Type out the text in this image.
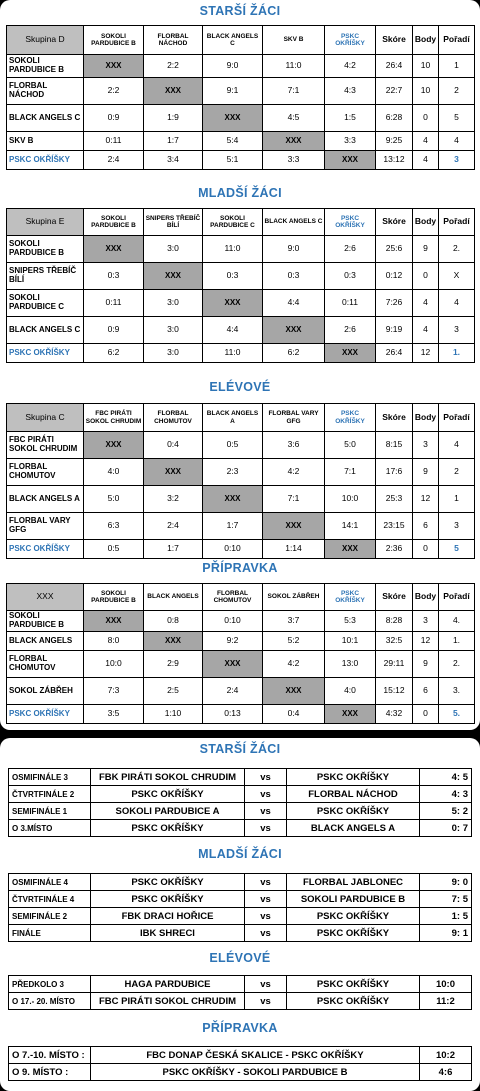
STARŠÍ ŽÁCI
Skupina D	SOKOLI PARDUBICE B	FLORBAL NÁCHOD	BLACK ANGELS C	SKV B	PSKC OKŘÍŠKY	Skóre	Body	Pořadí
SOKOLI PARDUBICE B	XXX	2:2	9:0	11:0	4:2	26:4	10	1
FLORBAL NÁCHOD	2:2	XXX	9:1	7:1	4:3	22:7	10	2
BLACK ANGELS C	0:9	1:9	XXX	4:5	1:5	6:28	0	5
SKV B	0:11	1:7	5:4	XXX	3:3	9:25	4	4
PSKC OKŘÍŠKY	2:4	3:4	5:1	3:3	XXX	13:12	4	3
MLADŠÍ ŽÁCI
Skupina E	SOKOLI PARDUBICE B	SNIPERS TŘEBÍČ BÍLÍ	SOKOLI PARDUBICE C	BLACK ANGELS C	PSKC OKŘÍŠKY	Skóre	Body	Pořadí
SOKOLI PARDUBICE B	XXX	3:0	11:0	9:0	2:6	25:6	9	2.
SNIPERS TŘEBÍČ BÍLÍ	0:3	XXX	0:3	0:3	0:3	0:12	0	X
SOKOLI PARDUBICE C	0:11	3:0	XXX	4:4	0:11	7:26	4	4
BLACK ANGELS C	0:9	3:0	4:4	XXX	2:6	9:19	4	3
PSKC OKŘÍŠKY	6:2	3:0	11:0	6:2	XXX	26:4	12	1.
ELÉVOVÉ
Skupina C	FBC PIRÁTI SOKOL CHRUDIM	FLORBAL CHOMUTOV	BLACK ANGELS A	FLORBAL VARY GFG	PSKC OKŘÍŠKY	Skóre	Body	Pořadí
FBC PIRÁTI SOKOL CHRUDIM	XXX	0:4	0:5	3:6	5:0	8:15	3	4
FLORBAL CHOMUTOV	4:0	XXX	2:3	4:2	7:1	17:6	9	2
BLACK ANGELS A	5:0	3:2	XXX	7:1	10:0	25:3	12	1
FLORBAL VARY GFG	6:3	2:4	1:7	XXX	14:1	23:15	6	3
PSKC OKŘÍŠKY	0:5	1:7	0:10	1:14	XXX	2:36	0	5
PŘÍPRAVKA
XXX	SOKOLI PARDUBICE B	BLACK ANGELS	FLORBAL CHOMUTOV	SOKOL ZÁBŘEH	PSKC OKŘÍŠKY	Skóre	Body	Pořadí
SOKOLI PARDUBICE B	XXX	0:8	0:10	3:7	5:3	8:28	3	4.
BLACK ANGELS	8:0	XXX	9:2	5:2	10:1	32:5	12	1.
FLORBAL CHOMUTOV	10:0	2:9	XXX	4:2	13:0	29:11	9	2.
SOKOL ZÁBŘEH	7:3	2:5	2:4	XXX	4:0	15:12	6	3.
PSKC OKŘÍŠKY	3:5	1:10	0:13	0:4	XXX	4:32	0	5.
STARŠÍ ŽÁCI
OSMIFINÁLE 3	FBK PIRÁTI SOKOL CHRUDIM	vs	PSKC OKŘÍŠKY	4: 5
ČTVRTFINÁLE 2	PSKC OKŘÍŠKY	vs	FLORBAL NÁCHOD	4: 3
SEMIFINÁLE 1	SOKOLI PARDUBICE A	vs	PSKC OKŘÍŠKY	5: 2
O 3.MÍSTO	PSKC OKŘÍŠKY	vs	BLACK ANGELS A	0: 7
MLADŠÍ ŽÁCI
OSMIFINÁLE 4	PSKC OKŘÍŠKY	vs	FLORBAL JABLONEC	9: 0
ČTVRTFINÁLE 4	PSKC OKŘÍŠKY	vs	SOKOLI PARDUBICE B	7: 5
SEMIFINÁLE 2	FBK DRACI HOŘICE	vs	PSKC OKŘÍŠKY	1: 5
FINÁLE	IBK SHRECI	vs	PSKC OKŘÍŠKY	9: 1
ELÉVOVÉ
PŘEDKOLO 3	HAGA PARDUBICE	vs	PSKC OKŘÍŠKY	10:0
O 17.- 20. MÍSTO	FBC PIRÁTI SOKOL CHRUDIM	vs	PSKC OKŘÍŠKY	11:2
PŘÍPRAVKA
O 7.-10. MÍSTO :	FBC DONAP ČESKÁ SKALICE - PSKC OKŘÍŠKY	10:2
O 9. MÍSTO :	PSKC OKŘÍŠKY - SOKOLI PARDUBICE B	4:6
